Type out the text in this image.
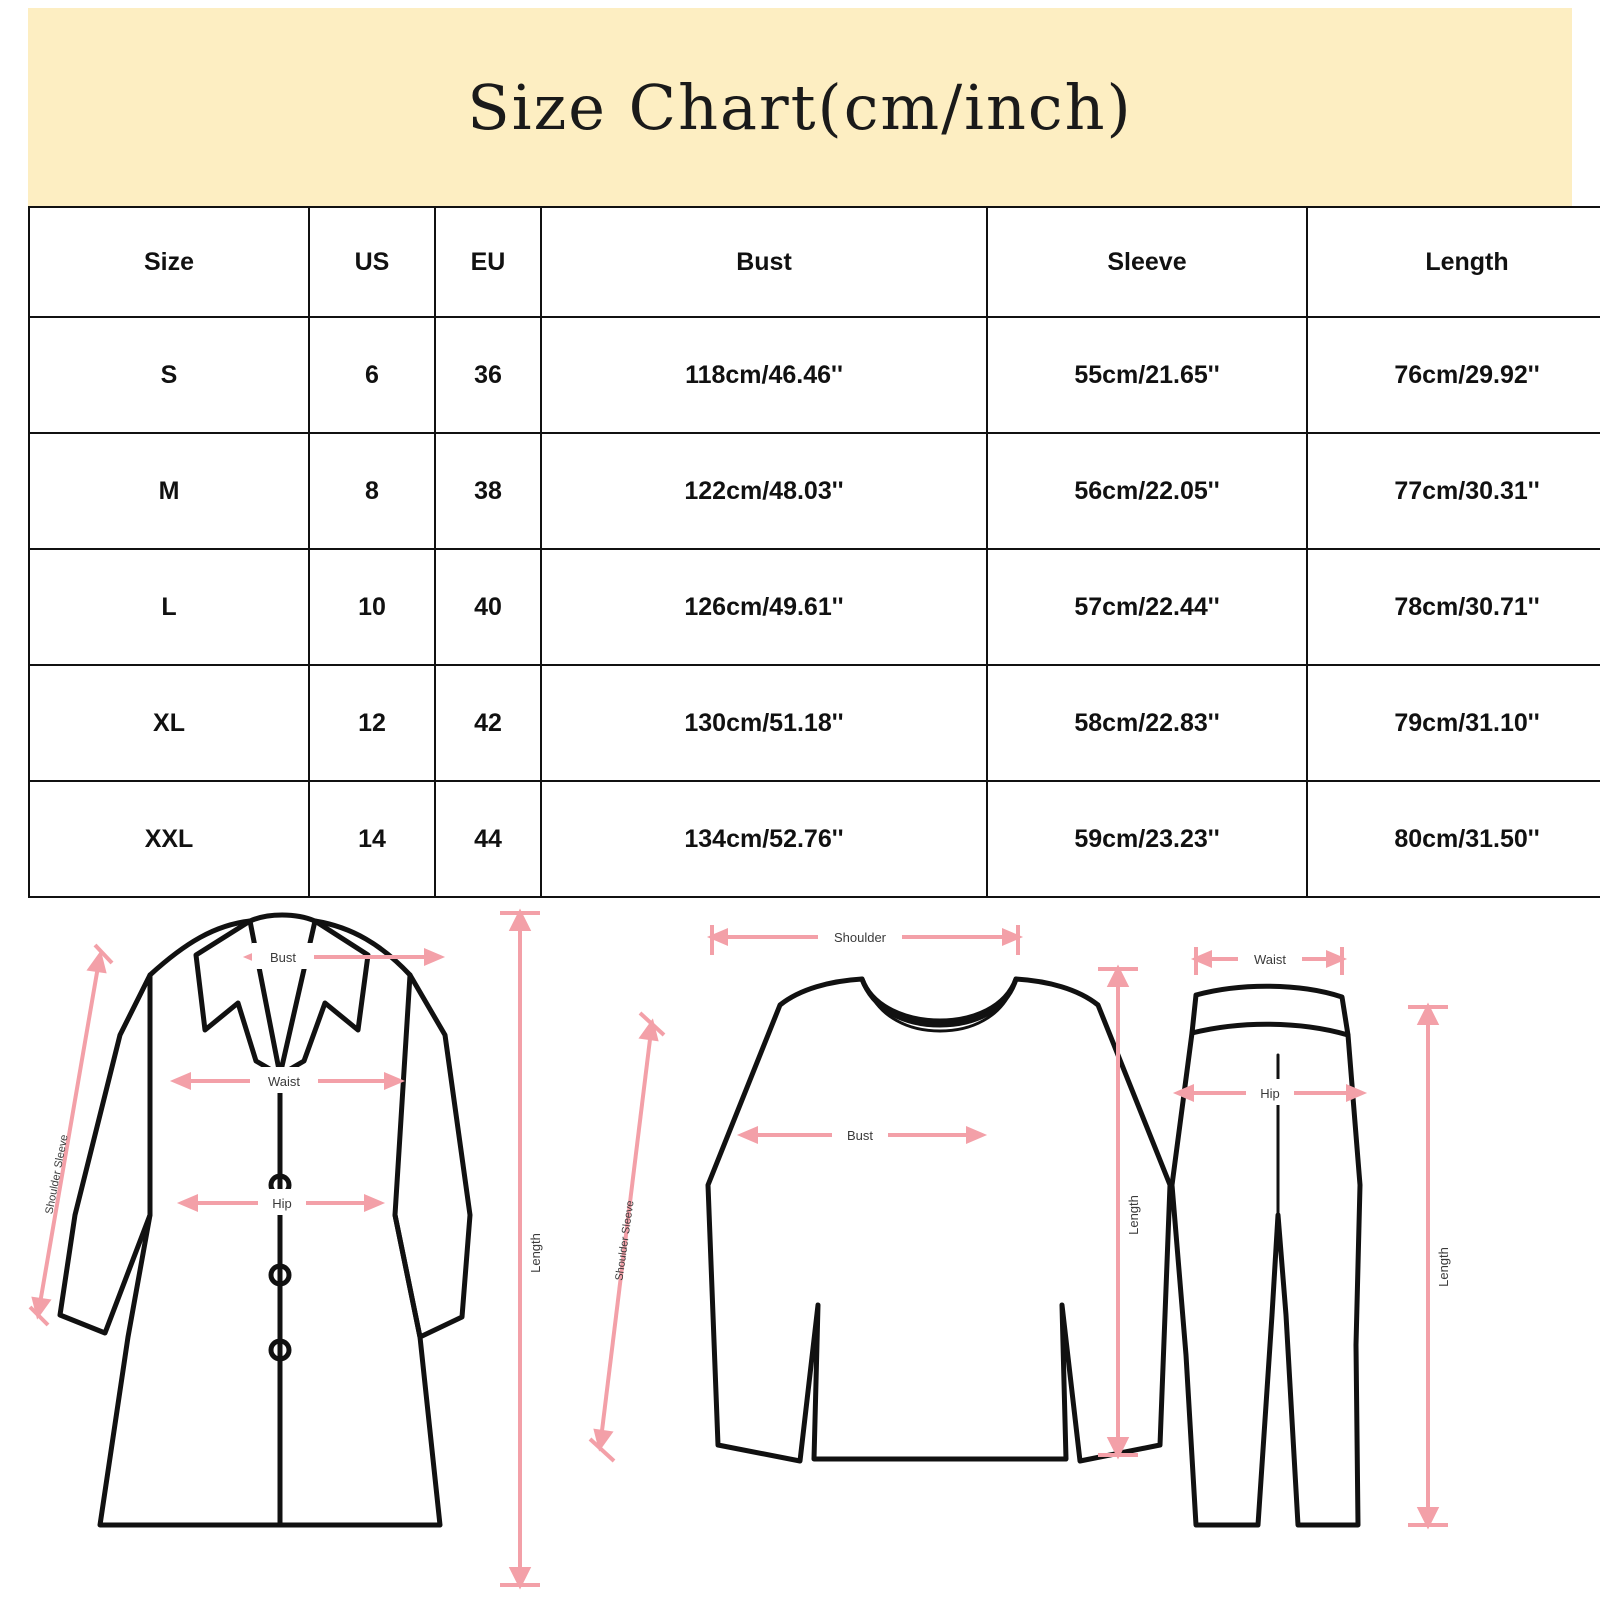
Size Chart(cm/inch)
Size	US	EU	Bust	Sleeve	Length
S	6	36	118cm/46.46''	55cm/21.65''	76cm/29.92''
M	8	38	122cm/48.03''	56cm/22.05''	77cm/30.31''
L	10	40	126cm/49.61''	57cm/22.44''	78cm/30.71''
XL	12	42	130cm/51.18''	58cm/22.83''	79cm/31.10''
XXL	14	44	134cm/52.76''	59cm/23.23''	80cm/31.50''
Bust
Waist
Hip
Shoulder Sleeve
Length
Shoulder
Bust
Shoulder Sleeve	Length
Waist
Hip
Length
